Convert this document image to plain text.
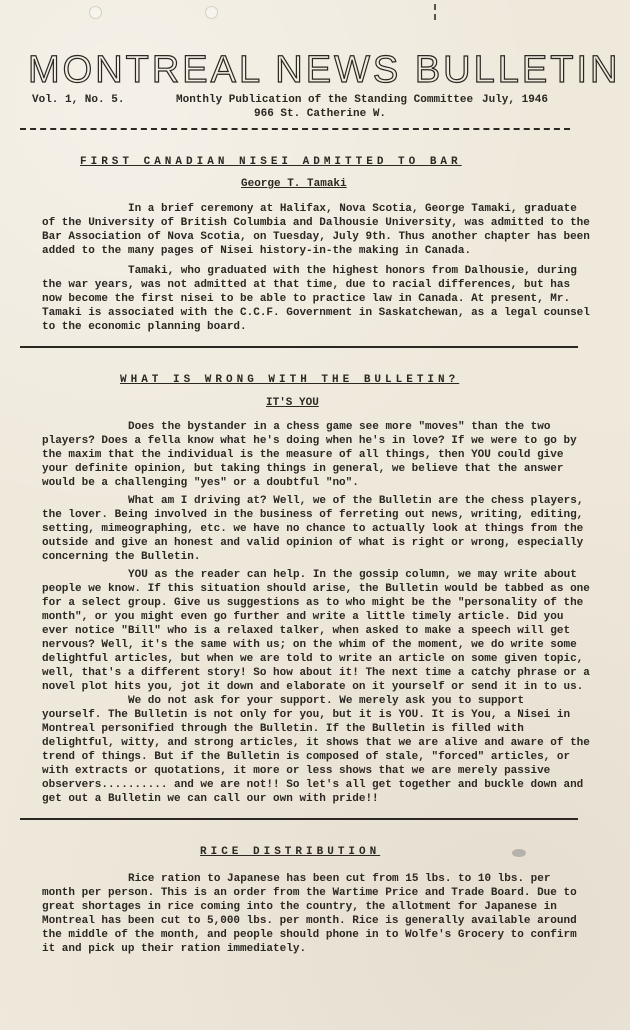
MONTREAL NEWS BULLETIN
Vol. 1, No. 5.	Monthly Publication of the Standing Committee July, 1946
966 St. Catherine W.
FIRST CANADIAN NISEI ADMITTED TO BAR
George T. Tamaki
In a brief ceremony at Halifax, Nova Scotia, George Tamaki, graduate of the University of British Columbia and Dalhousie University, was admitted to the Bar Association of Nova Scotia, on Tuesday, July 9th. Thus another chapter has been added to the many pages of Nisei history-in-the making in Canada.
Tamaki, who graduated with the highest honors from Dalhousie, during the war years, was not admitted at that time, due to racial differences, but has now become the first nisei to be able to practice law in Canada. At present, Mr. Tamaki is associated with the C.C.F. Government in Saskatchewan, as a legal counsel to the economic planning board.
WHAT IS WRONG WITH THE BULLETIN?
IT'S YOU
Does the bystander in a chess game see more "moves" than the two players? Does a fella know what he's doing when he's in love? If we were to go by the maxim that the individual is the measure of all things, then YOU could give your definite opinion, but taking things in general, we believe that the answer would be a challenging "yes" or a doubtful "no".
What am I driving at? Well, we of the Bulletin are the chess players, the lover. Being involved in the business of ferreting out news, writing, editing, setting, mimeographing, etc. we have no chance to actually look at things from the outside and give an honest and valid opinion of what is right or wrong, especially concerning the Bulletin.
YOU as the reader can help. In the gossip column, we may write about people we know. If this situation should arise, the Bulletin would be tabbed as one for a select group. Give us suggestions as to who might be the "personality of the month", or you might even go further and write a little timely article. Did you ever notice "Bill" who is a relaxed talker, when asked to make a speech will get nervous? Well, it's the same with us; on the whim of the moment, we do write some delightful articles, but when we are told to write an article on some given topic, well, that's a different story! So how about it! The next time a catchy phrase or a novel plot hits you, jot it down and elaborate on it yourself or send it in to us.
We do not ask for your support. We merely ask you to support yourself. The Bulletin is not only for you, but it is YOU. It is You, a Nisei in Montreal personified through the Bulletin. If the Bulletin is filled with delightful, witty, and strong articles, it shows that we are alive and aware of the trend of things. But if the Bulletin is composed of stale, "forced" articles, or with extracts or quotations, it more or less shows that we are merely passive observers.......... and we are not!! So let's all get together and buckle down and get out a Bulletin we can call our own with pride!!
RICE DISTRIBUTION
Rice ration to Japanese has been cut from 15 lbs. to 10 lbs. per month per person. This is an order from the Wartime Price and Trade Board. Due to great shortages in rice coming into the country, the allotment for Japanese in Montreal has been cut to 5,000 lbs. per month. Rice is generally available around the middle of the month, and people should phone in to Wolfe's Grocery to confirm it and pick up their ration immediately.
